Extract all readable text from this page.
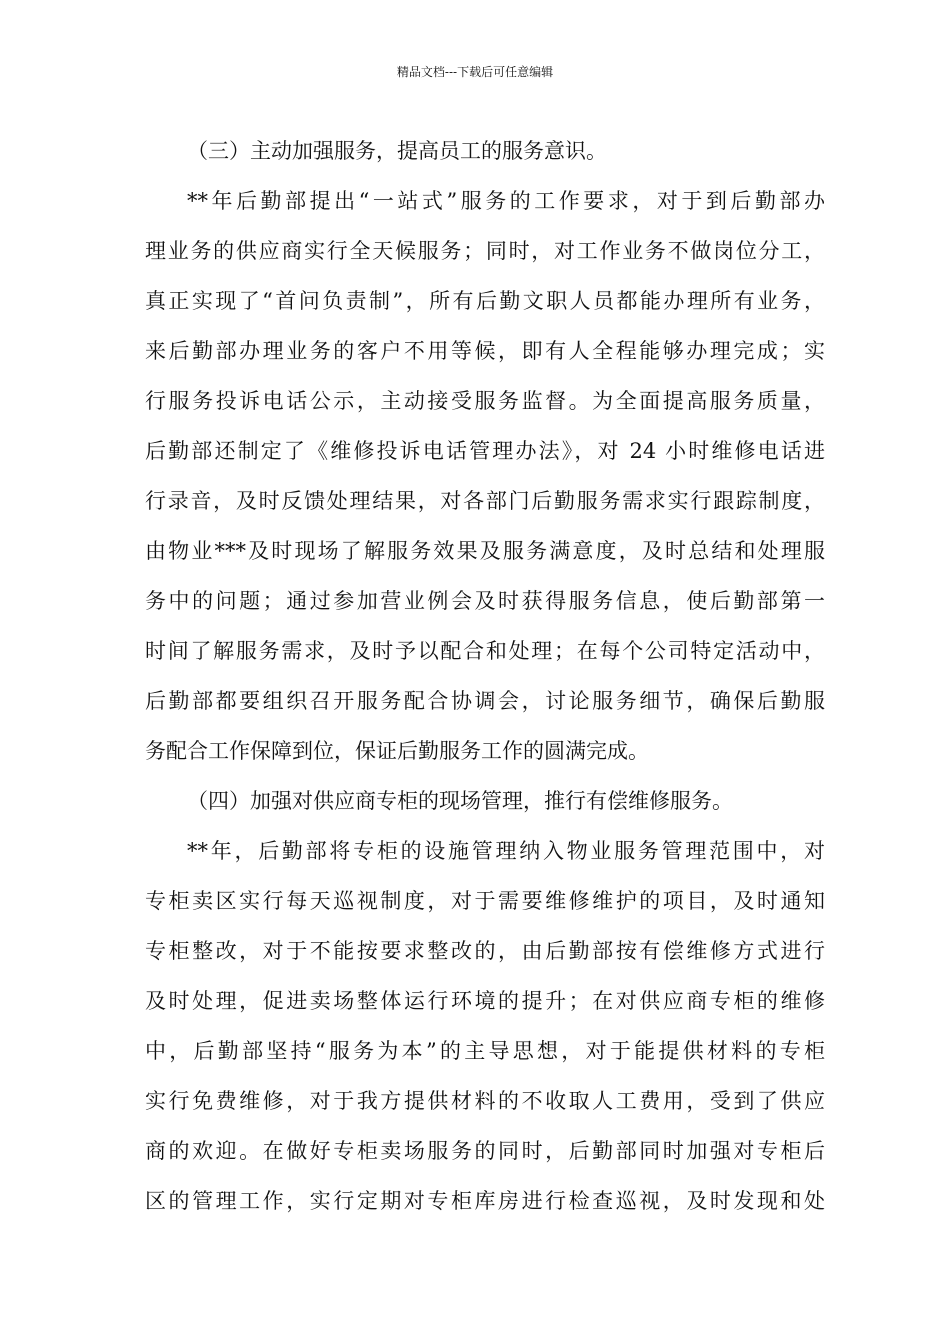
精品文档---下载后可任意编辑
（三）主动加强服务，提高员工的服务意识。
**年后勤部提出“一站式”服务的工作要求，对于到后勤部办
理业务的供应商实行全天候服务；同时，对工作业务不做岗位分工，
真正实现了“首问负责制”，所有后勤文职人员都能办理所有业务，
来后勤部办理业务的客户不用等候，即有人全程能够办理完成；实
行服务投诉电话公示，主动接受服务监督。为全面提高服务质量，
后勤部还制定了《维修投诉电话管理办法》，对 24 小时维修电话进
行录音，及时反馈处理结果，对各部门后勤服务需求实行跟踪制度，
由物业***及时现场了解服务效果及服务满意度，及时总结和处理服
务中的问题；通过参加营业例会及时获得服务信息，使后勤部第一
时间了解服务需求，及时予以配合和处理；在每个公司特定活动中，
后勤部都要组织召开服务配合协调会，讨论服务细节，确保后勤服
务配合工作保障到位，保证后勤服务工作的圆满完成。
（四）加强对供应商专柜的现场管理，推行有偿维修服务。
**年，后勤部将专柜的设施管理纳入物业服务管理范围中，对
专柜卖区实行每天巡视制度，对于需要维修维护的项目，及时通知
专柜整改，对于不能按要求整改的，由后勤部按有偿维修方式进行
及时处理，促进卖场整体运行环境的提升；在对供应商专柜的维修
中，后勤部坚持“服务为本”的主导思想，对于能提供材料的专柜
实行免费维修，对于我方提供材料的不收取人工费用，受到了供应
商的欢迎。在做好专柜卖场服务的同时，后勤部同时加强对专柜后
区的管理工作，实行定期对专柜库房进行检查巡视，及时发现和处
